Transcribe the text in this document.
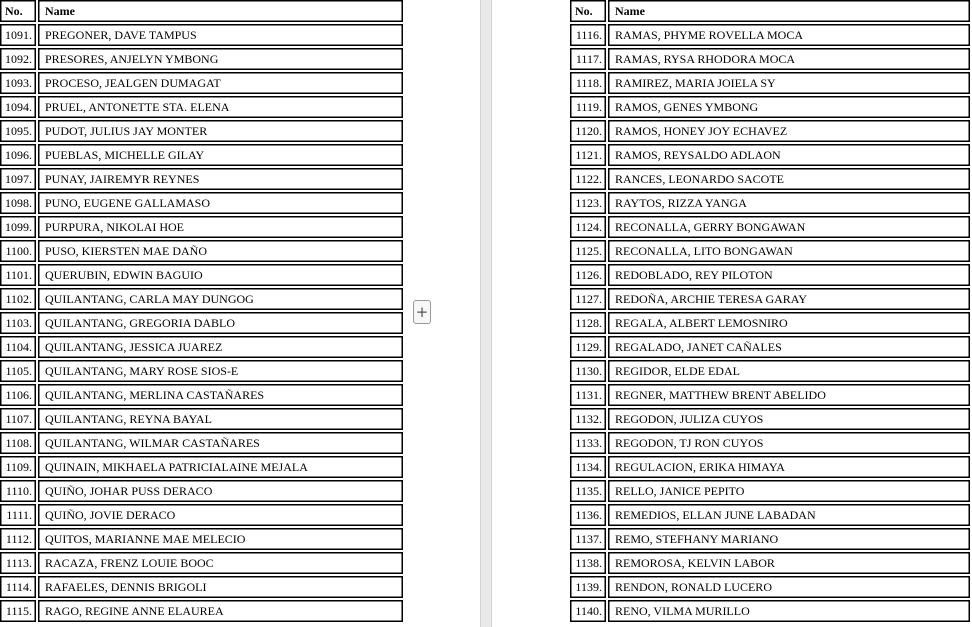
No.	Name
1091.	PREGONER, DAVE TAMPUS
1092.	PRESORES, ANJELYN YMBONG
1093.	PROCESO, JEALGEN DUMAGAT
1094.	PRUEL, ANTONETTE STA. ELENA
1095.	PUDOT, JULIUS JAY MONTER
1096.	PUEBLAS, MICHELLE GILAY
1097.	PUNAY, JAIREMYR REYNES
1098.	PUNO, EUGENE GALLAMASO
1099.	PURPURA, NIKOLAI HOE
1100.	PUSO, KIERSTEN MAE DAÑO
1101.	QUERUBIN, EDWIN BAGUIO
1102.	QUILANTANG, CARLA MAY DUNGOG
1103.	QUILANTANG, GREGORIA DABLO
1104.	QUILANTANG, JESSICA JUAREZ
1105.	QUILANTANG, MARY ROSE SIOS-E
1106.	QUILANTANG, MERLINA CASTAÑARES
1107.	QUILANTANG, REYNA BAYAL
1108.	QUILANTANG, WILMAR CASTAÑARES
1109.	QUINAIN, MIKHAELA PATRICIALAINE MEJALA
1110.	QUIÑO, JOHAR PUSS DERACO
1111.	QUIÑO, JOVIE DERACO
1112.	QUITOS, MARIANNE MAE MELECIO
1113.	RACAZA, FRENZ LOUIE BOOC
1114.	RAFAELES, DENNIS BRIGOLI
1115.	RAGO, REGINE ANNE ELAUREA
No.	Name
1116.	RAMAS, PHYME ROVELLA MOCA
1117.	RAMAS, RYSA RHODORA MOCA
1118.	RAMIREZ, MARIA JOIELA SY
1119.	RAMOS, GENES YMBONG
1120.	RAMOS, HONEY JOY ECHAVEZ
1121.	RAMOS, REYSALDO ADLAON
1122.	RANCES, LEONARDO SACOTE
1123.	RAYTOS, RIZZA YANGA
1124.	RECONALLA, GERRY BONGAWAN
1125.	RECONALLA, LITO BONGAWAN
1126.	REDOBLADO, REY PILOTON
1127.	REDOÑA, ARCHIE TERESA GARAY
1128.	REGALA, ALBERT LEMOSNIRO
1129.	REGALADO, JANET CAÑALES
1130.	REGIDOR, ELDE EDAL
1131.	REGNER, MATTHEW BRENT ABELIDO
1132.	REGODON, JULIZA CUYOS
1133.	REGODON, TJ RON CUYOS
1134.	REGULACION, ERIKA HIMAYA
1135.	RELLO, JANICE PEPITO
1136.	REMEDIOS, ELLAN JUNE LABADAN
1137.	REMO, STEFHANY MARIANO
1138.	REMOROSA, KELVIN LABOR
1139.	RENDON, RONALD LUCERO
1140.	RENO, VILMA MURILLO
+
